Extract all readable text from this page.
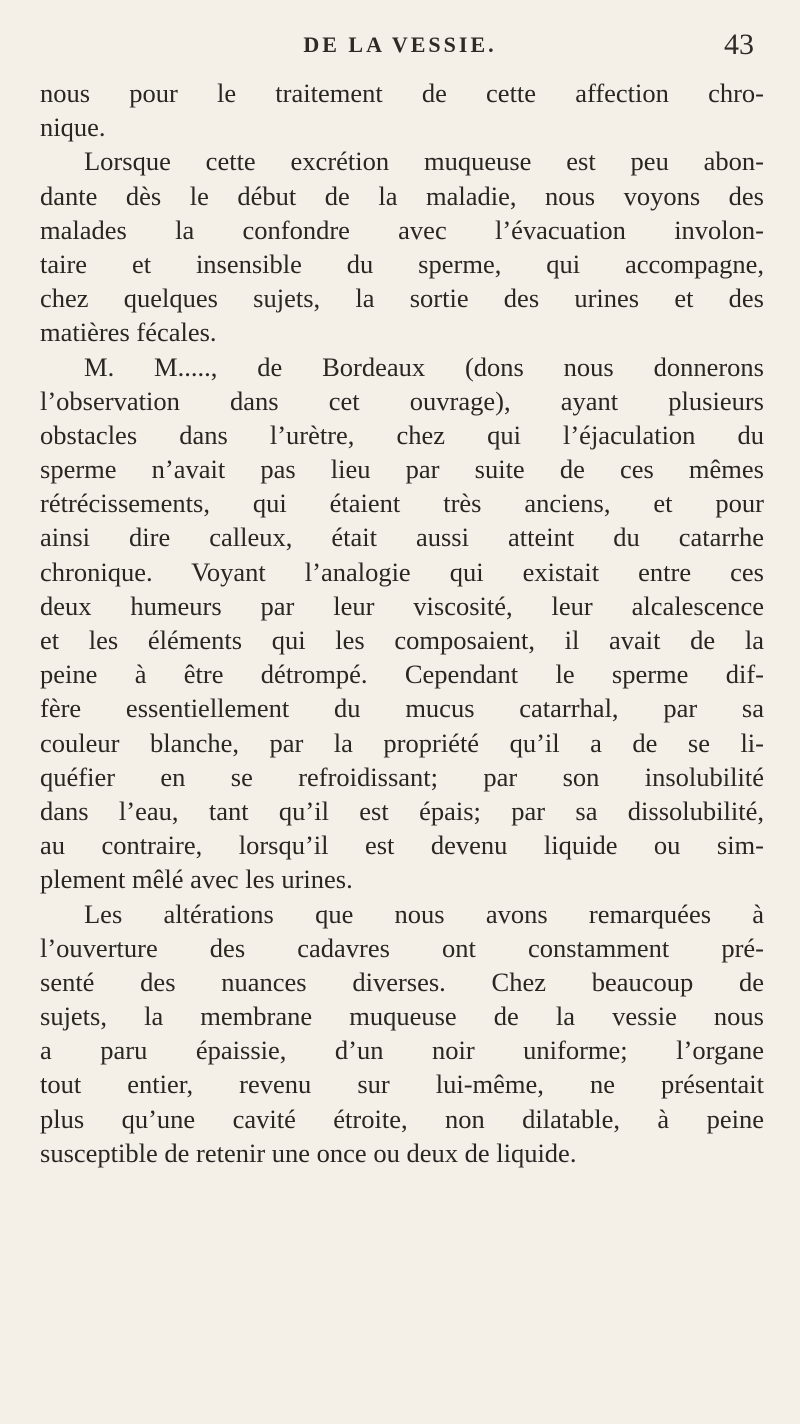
DE LA VESSIE.	43
nous pour le traitement de cette affection chro-
nique.
Lorsque cette excrétion muqueuse est peu abon-
dante dès le début de la maladie, nous voyons des
malades la confondre avec l’évacuation involon-
taire et insensible du sperme, qui accompagne,
chez quelques sujets, la sortie des urines et des
matières fécales.
M. M....., de Bordeaux (dons nous donnerons
l’observation dans cet ouvrage), ayant plusieurs
obstacles dans l’urètre, chez qui l’éjaculation du
sperme n’avait pas lieu par suite de ces mêmes
rétrécissements, qui étaient très anciens, et pour
ainsi dire calleux, était aussi atteint du catarrhe
chronique. Voyant l’analogie qui existait entre ces
deux humeurs par leur viscosité, leur alcalescence
et les éléments qui les composaient, il avait de la
peine à être détrompé. Cependant le sperme dif-
fère essentiellement du mucus catarrhal, par sa
couleur blanche, par la propriété qu’il a de se li-
quéfier en se refroidissant; par son insolubilité
dans l’eau, tant qu’il est épais; par sa dissolubilité,
au contraire, lorsqu’il est devenu liquide ou sim-
plement mêlé avec les urines.
Les altérations que nous avons remarquées à
l’ouverture des cadavres ont constamment pré-
senté des nuances diverses. Chez beaucoup de
sujets, la membrane muqueuse de la vessie nous
a paru épaissie, d’un noir uniforme; l’organe
tout entier, revenu sur lui-même, ne présentait
plus qu’une cavité étroite, non dilatable, à peine
susceptible de retenir une once ou deux de liquide.
